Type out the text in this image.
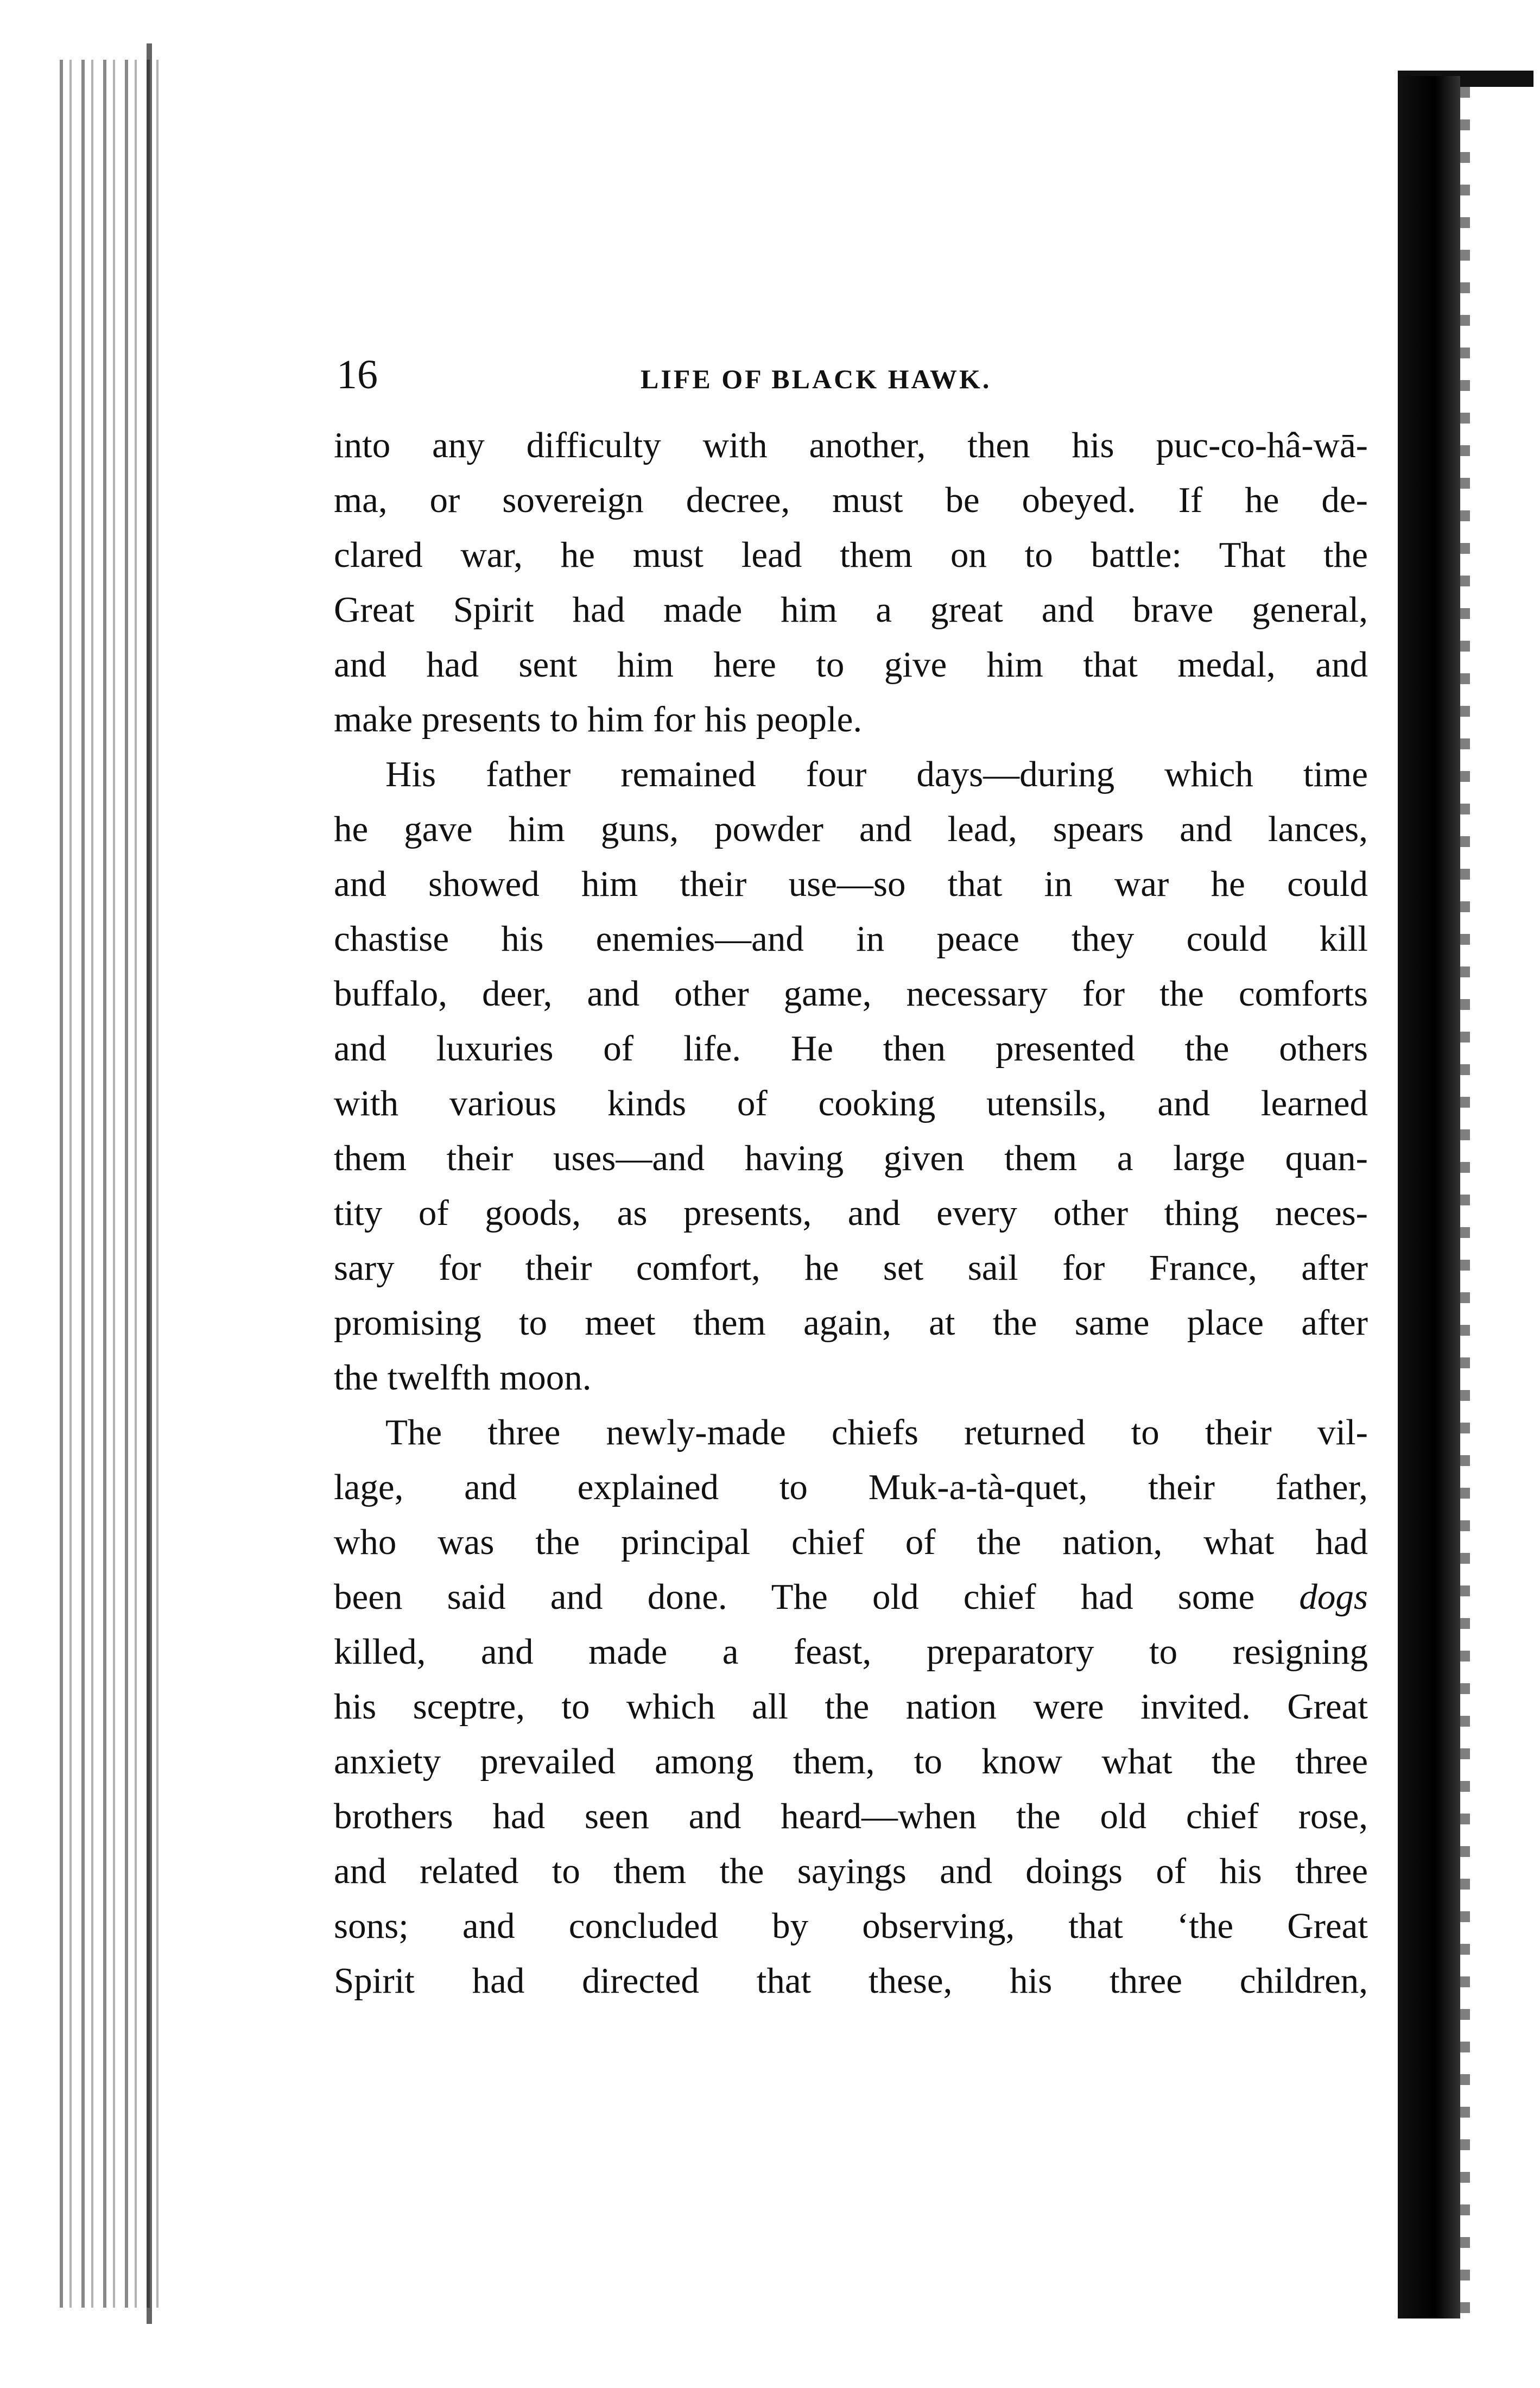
16	LIFE OF BLACK HAWK.
into any difficulty with another, then his puc-co-hâ-wā-
ma, or sovereign decree, must be obeyed. If he de-
clared war, he must lead them on to battle: That the
Great Spirit had made him a great and brave general,
and had sent him here to give him that medal, and
make presents to him for his people.
His father remained four days—during which time
he gave him guns, powder and lead, spears and lances,
and showed him their use—so that in war he could
chastise his enemies—and in peace they could kill
buffalo, deer, and other game, necessary for the comforts
and luxuries of life. He then presented the others
with various kinds of cooking utensils, and learned
them their uses—and having given them a large quan-
tity of goods, as presents, and every other thing neces-
sary for their comfort, he set sail for France, after
promising to meet them again, at the same place after
the twelfth moon.
The three newly-made chiefs returned to their vil-
lage, and explained to Muk-a-tà-quet, their father,
who was the principal chief of the nation, what had
been said and done. The old chief had some dogs
killed, and made a feast, preparatory to resigning
his sceptre, to which all the nation were invited. Great
anxiety prevailed among them, to know what the three
brothers had seen and heard—when the old chief rose,
and related to them the sayings and doings of his three
sons; and concluded by observing, that ‘the Great
Spirit had directed that these, his three children,
